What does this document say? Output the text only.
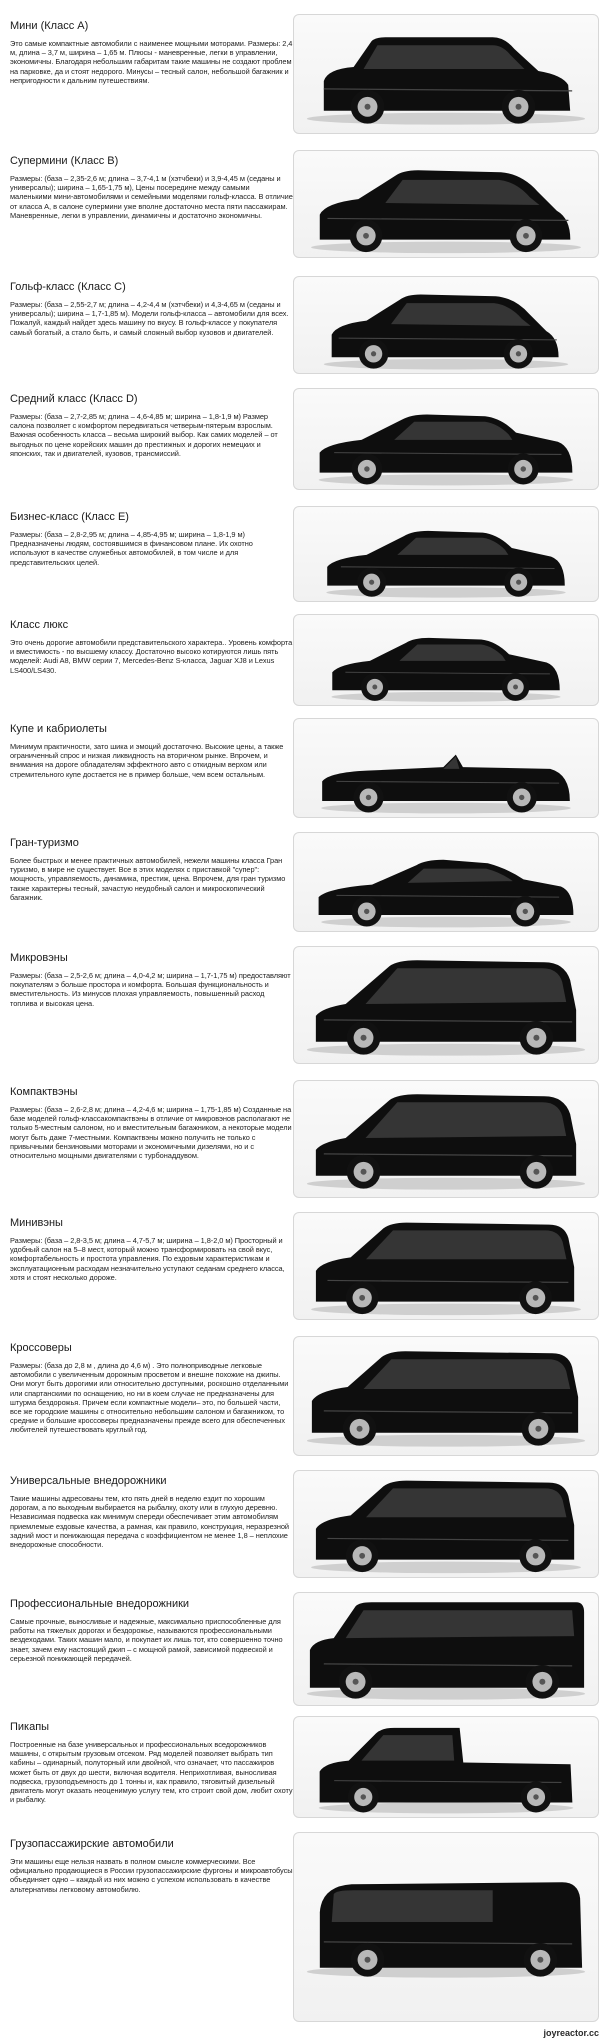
Мини (Класс А)

Это самые компактные автомобили с наименее мощными моторами. Размеры: 2,4 м, длина – 3,7 м, ширина – 1,65 м. Плюсы - маневренные, легки в управлении, экономичны. Благодаря небольшим габаритам такие машины не создают проблем на парковке, да и стоят недорого. Минусы – тесный салон, небольшой багажник и непригодности к дальним путешествиям.

Супермини (Класс B)

Размеры: (база – 2,35-2,6 м; длина – 3,7-4,1 м (хэтчбеки) и 3,9-4,45 м (седаны и универсалы); ширина – 1,65-1,75 м), Цены посередине между самыми маленькими мини-автомобилями и семейными моделями гольф-класса. В отличие от класса А, в салоне супермини уже вполне достаточно места пяти пассажирам. Маневренные, легки в управлении, динамичны и достаточно экономичны.

Гольф-класс (Класс С)

Размеры: (база – 2,55-2,7 м; длина – 4,2-4,4 м (хэтчбеки) и 4,3-4,65 м (седаны и универсалы); ширина – 1,7-1,85 м). Модели гольф-класса – автомобили для всех. Пожалуй, каждый найдет здесь машину по вкусу. В гольф-классе у покупателя самый богатый, а стало быть, и самый сложный выбор кузовов и двигателей.

Средний класс (Класс D)

Размеры: (база – 2,7-2,85 м; длина – 4,6-4,85 м; ширина – 1,8-1,9 м) Размер салона позволяет с комфортом передвигаться четверым-пятерым взрослым. Важная особенность класса – весьма широкий выбор. Как самих моделей – от выгодных по цене корейских машин до престижных и дорогих немецких и японских, так и двигателей, кузовов, трансмиссий.

Бизнес-класс (Класс Е)

Размеры: (база – 2,8-2,95 м; длина – 4,85-4,95 м; ширина – 1,8-1,9 м) Предназначены людям, состоявшимся в финансовом плане. Их охотно используют в качестве служебных автомобилей, в том числе и для представительских целей.

Класс люкс

Это очень дорогие автомобили представительского характера.. Уровень комфорта и вместимость - по высшему классу. Достаточно высоко котируются лишь пять моделей: Audi A8, BMW серии 7, Mercedes-Benz S-класса, Jaguar XJ8 и Lexus LS400/LS430.

Купе и кабриолеты

Минимум практичности, зато шика и эмоций достаточно. Высокие цены, а также ограниченный спрос и низкая ликвидность на вторичном рынке. Впрочем, и внимания на дороге обладателям эффектного авто с откидным верхом или стремительного купе достается не в пример больше, чем всем остальным.

Гран-туризмо

Более быстрых и менее практичных автомобилей, нежели машины класса Гран туризмо, в мире не существует. Все в этих моделях с приставкой "супер": мощность, управляемость, динамика, престиж, цена. Впрочем, для гран туризмо также характерны тесный, зачастую неудобный салон и микроскопический багажник.

Микровэны

Размеры: (база – 2,5-2,6 м; длина – 4,0-4,2 м; ширина – 1,7-1,75 м) предоставляют покупателям э больше простора и комфорта. Большая функциональность и вместительность. Из минусов плохая управляемость, повышенный расход топлива и высокая цена.

Компактвэны

Размеры: (база – 2,6-2,8 м; длина – 4,2-4,6 м; ширина – 1,75-1,85 м) Созданные на базе моделей гольф-классакомпактвэны в отличие от микровэнов располагают не только 5-местным салоном, но и вместительным багажником, а некоторые модели могут быть даже 7-местными. Компактвэны можно получить не только с привычными бензиновыми моторами и экономичными дизелями, но и с относительно мощными двигателями с турбонаддувом.

Минивэны

Размеры: (база – 2,8-3,5 м; длина – 4,7-5,7 м; ширина – 1,8-2,0 м) Просторный и удобный салон на 5–8 мест, который можно трансформировать на свой вкус, комфортабельность и простота управления. По ездовым характеристикам и эксплуатационным расходам незначительно уступают седанам среднего класса, хотя и стоят несколько дороже.

Кроссоверы

Размеры: (база до 2,8 м , длина до 4,6 м) . Это полноприводные легковые автомобили с увеличенным дорожным просветом и внешне похожие на джипы. Они могут быть дорогими или относительно доступными, роскошно отделанными или спартанскими по оснащению, но ни в коем случае не предназначены для штурма бездорожья. Причем если компактные модели– это, по большей части, все же городские машины с относительно небольшим салоном и багажником, то средние и большие кроссоверы предназначены прежде всего для обеспеченных любителей путешествовать круглый год.

Универсальные внедорожники

Такие машины адресованы тем, кто пять дней в неделю ездит по хорошим дорогам, а по выходным выбирается на рыбалку, охоту или в глухую деревню. Независимая подвеска как минимум спереди обеспечивает этим автомобилям приемлемые ездовые качества, а рамная, как правило, конструкция, неразрезной задний мост и понижающая передача с коэффициентом не менее 1,8 – неплохие внедорожные способности.

Профессиональные внедорожники

Самые прочные, выносливые и надежные, максимально приспособленные для работы на тяжелых дорогах и бездорожье, называются профессиональными вездеходами. Таких машин мало, и покупает их лишь тот, кто совершенно точно знает, зачем ему настоящий джип – с мощной рамой, зависимой подвеской и серьезной понижающей передачей.

Пикапы

Построенные на базе универсальных и профессиональных вседорожников машины, с открытым грузовым отсеком. Ряд моделей позволяет выбрать тип кабины – одинарный, полуторный или двойной, что означает, что пассажиров может быть от двух до шести, включая водителя. Неприхотливая, выносливая подвеска, грузоподъемность до 1 тонны и, как правило, тяговитый дизельный двигатель могут оказать неоценимую услугу тем, кто строит свой дом, любит охоту и рыбалку.

Грузопассажирские автомобили

Эти машины еще нельзя назвать в полном смысле коммерческими. Все официально продающиеся в России грузопассажирские фургоны и микроавтобусы объединяет одно – каждый из них можно с успехом использовать в качестве альтернативы легковому автомобилю.

joyreactor.cc
